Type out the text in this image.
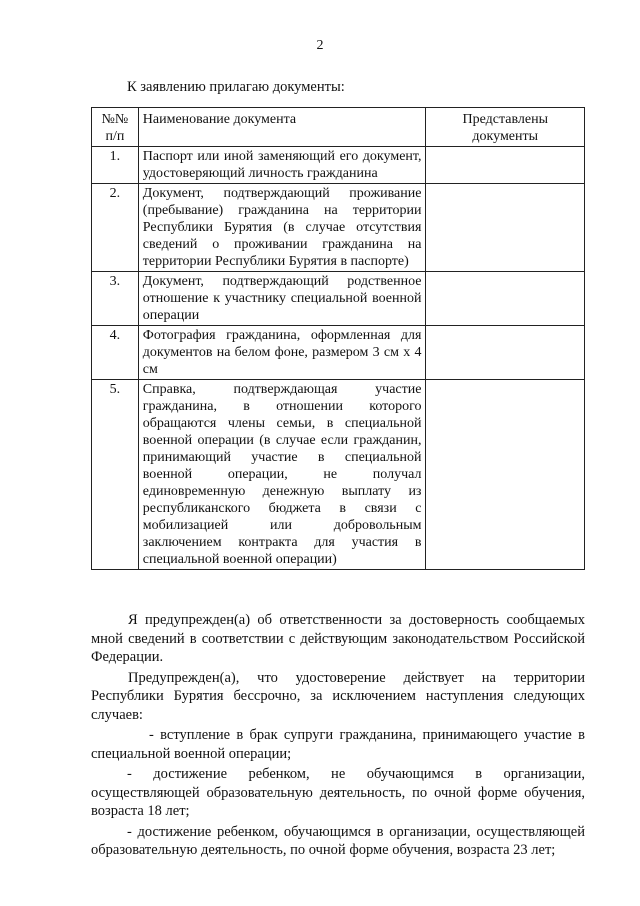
2
К заявлению прилагаю документы:
№№ п/п	Наименование документа	Представлены документы
1.	Паспорт или иной заменяющий его документ, удостоверяющий личность гражданина	
2.	Документ, подтверждающий проживание (пребывание) гражданина на территории Республики Бурятия (в случае отсутствия сведений о проживании гражданина на территории Республики Бурятия в паспорте)	
3.	Документ, подтверждающий родственное отношение к участнику специальной военной операции	
4.	Фотография гражданина, оформленная для документов на белом фоне, размером 3 см х 4 см	
5.	Справка, подтверждающая участие гражданина, в отношении которого обращаются члены семьи, в специальной военной операции (в случае если гражданин, принимающий участие в специальной военной операции, не получал единовременную денежную выплату из республиканского бюджета в связи с мобилизацией или добровольным заключением контракта для участия в специальной военной операции)	

Я предупрежден(а) об ответственности за достоверность сообщаемых мной сведений в соответствии с действующим законодательством Российской Федерации.

Предупрежден(а), что удостоверение действует на территории Республики Бурятия бессрочно, за исключением наступления следующих случаев:

- вступление в брак супруги гражданина, принимающего участие в специальной военной операции;

- достижение ребенком, не обучающимся в организации, осуществляющей образовательную деятельность, по очной форме обучения, возраста 18 лет;

- достижение ребенком, обучающимся в организации, осуществляющей образовательную деятельность, по очной форме обучения, возраста 23 лет;
